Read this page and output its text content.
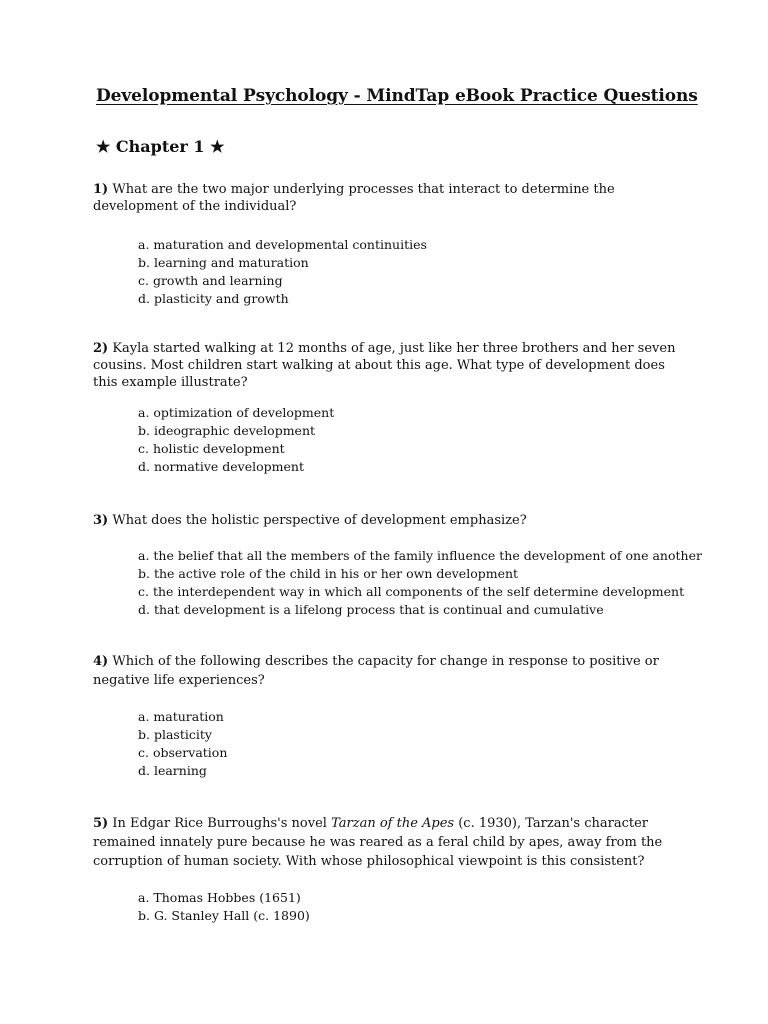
Developmental Psychology - MindTap eBook Practice Questions
★ Chapter 1 ★

1) What are the two major underlying processes that interact to determine the development of the individual?

a. maturation and developmental continuities
b. learning and maturation
c. growth and learning
d. plasticity and growth

2) Kayla started walking at 12 months of age, just like her three brothers and her seven cousins. Most children start walking at about this age. What type of development does this example illustrate?

a. optimization of development
b. ideographic development
c. holistic development
d. normative development

3) What does the holistic perspective of development emphasize?

a. the belief that all the members of the family influence the development of one another
b. the active role of the child in his or her own development
c. the interdependent way in which all components of the self determine development
d. that development is a lifelong process that is continual and cumulative

4) Which of the following describes the capacity for change in response to positive or negative life experiences?

a. maturation
b. plasticity
c. observation
d. learning

5) In Edgar Rice Burroughs's novel Tarzan of the Apes (c. 1930), Tarzan's character remained innately pure because he was reared as a feral child by apes, away from the corruption of human society. With whose philosophical viewpoint is this consistent?

a. Thomas Hobbes (1651)
b. G. Stanley Hall (c. 1890)
